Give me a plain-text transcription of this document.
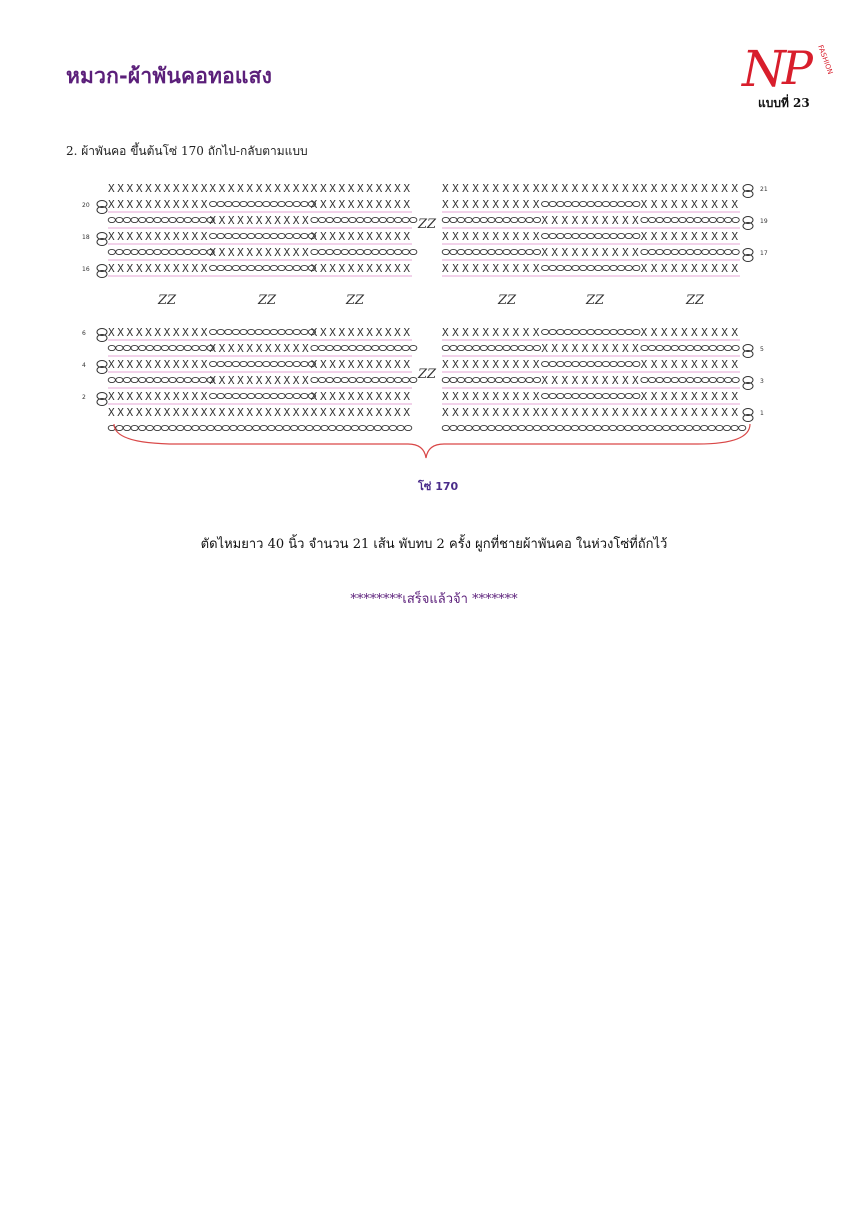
หมวก-ผ้าพันคอทอแสง	N
P FASHION
แบบที่ 23
2. ผ้าพันคอ ขึ้นต้นโซ่ 170 ถักไป-กลับตามแบบ
XXXXXXXXXXX XXXXXXXXXXX XXXXXXXXXXX	XXXXXXXXXX XXXXXXXXXX XXXXXXXXXX
XXXXXXXXXXX	XXXXXXXXXXX	XXXXXXXXXX	XXXXXXXXXX
XXXXXXXXXXX	XXXXXXXXXX
XXXXXXXXXXX	XXXXXXXXXXX	XXXXXXXXXX	XXXXXXXXXX
XXXXXXXXXXX	XXXXXXXXXX
XXXXXXXXXXX	XXXXXXXXXXX	XXXXXXXXXX	XXXXXXXXXX
XXXXXXXXXXX	XXXXXXXXXXX	XXXXXXXXXX	XXXXXXXXXX
XXXXXXXXXXX	XXXXXXXXXX
XXXXXXXXXXX	XXXXXXXXXXX	XXXXXXXXXX	XXXXXXXXXX
XXXXXXXXXXX	XXXXXXXXXX
XXXXXXXXXXX	XXXXXXXXXXX	XXXXXXXXXX	XXXXXXXXXX
XXXXXXXXXXX XXXXXXXXXXX XXXXXXXXXXX	XXXXXXXXXX XXXXXXXXXX XXXXXXXXXX
20
18
16
6
4
2
21
19
17
5
3
1
ZZ
ZZ
ZZ	ZZ	ZZ	ZZ	ZZ	ZZ
โซ่ 170
ตัดไหมยาว 40 นิ้ว จำนวน 21 เส้น พับทบ 2 ครั้ง ผูกที่ชายผ้าพันคอ ในห่วงโซ่ที่ถักไว้
********เสร็จแล้วจ้า *******
